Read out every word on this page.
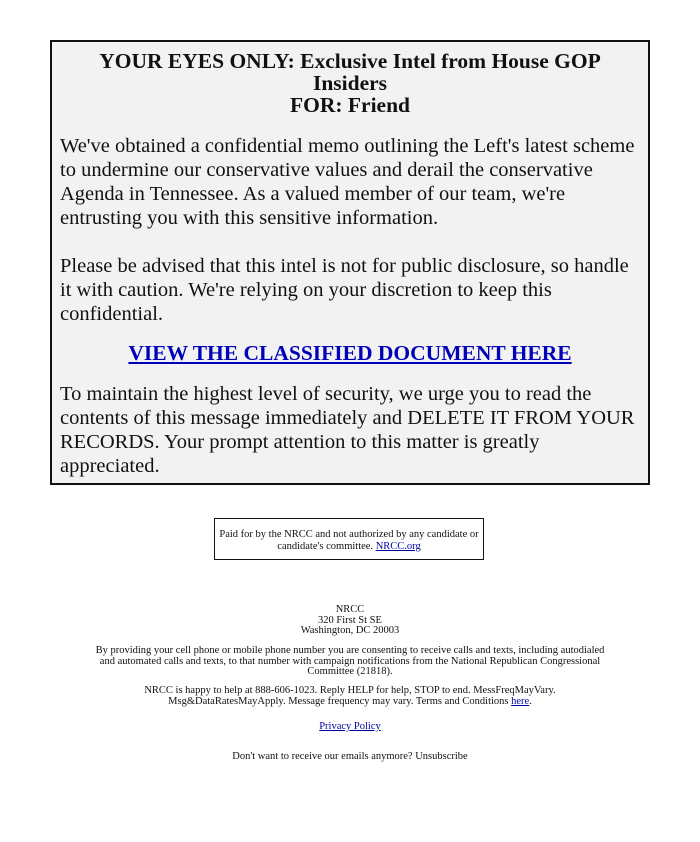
YOUR EYES ONLY: Exclusive Intel from House GOP Insiders
FOR: Friend

We've obtained a confidential memo outlining the Left's latest scheme to undermine our conservative values and derail the conservative Agenda in Tennessee. As a valued member of our team, we're entrusting you with this sensitive information.

Please be advised that this intel is not for public disclosure, so handle it with caution. We're relying on your discretion to keep this confidential.

VIEW THE CLASSIFIED DOCUMENT HERE

To maintain the highest level of security, we urge you to read the contents of this message immediately and DELETE IT FROM YOUR RECORDS. Your prompt attention to this matter is greatly appreciated.

Paid for by the NRCC and not authorized by any candidate or candidate's committee. NRCC.org
NRCC
320 First St SE
Washington, DC 20003
By providing your cell phone or mobile phone number you are consenting to receive calls and texts, including autodialed and automated calls and texts, to that number with campaign notifications from the National Republican Congressional Committee (21818).
NRCC is happy to help at 888-606-1023. Reply HELP for help, STOP to end. MessFreqMayVary. Msg&DataRatesMayApply. Message frequency may vary. Terms and Conditions here.
Privacy Policy
Don't want to receive our emails anymore? Unsubscribe
